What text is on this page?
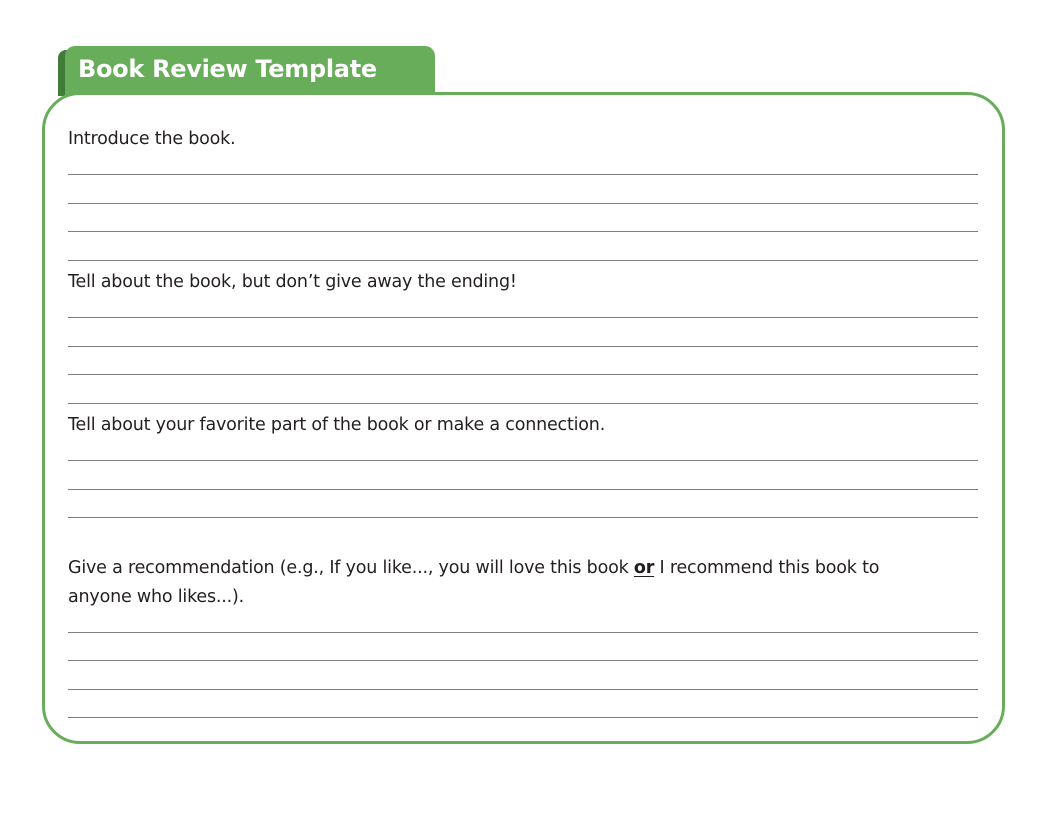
Book Review Template
Introduce the book.
Tell about the book, but don’t give away the ending!
Tell about your favorite part of the book or make a connection.
Give a recommendation (e.g., If you like..., you will love this book or I recommend this book to
anyone who likes...).
